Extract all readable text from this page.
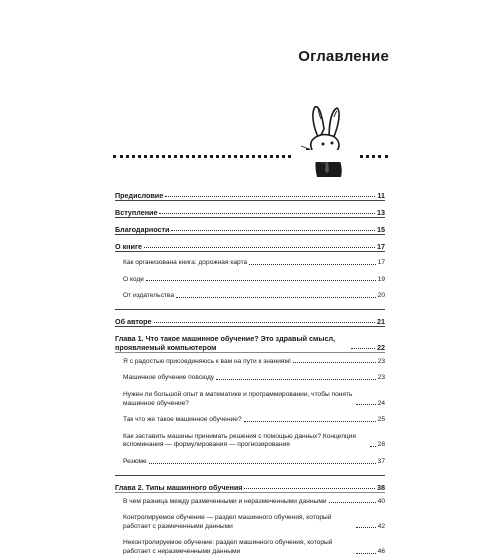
Оглавление
Предисловие	11
Вступление	13
Благодарности	15
О книге	17
Как организована книга: дорожная карта	17
О коде	19
От издательства	20
Об авторе	21
Глава 1. Что такое машинное обучение? Это здравый смысл, проявляемый компьютером	22
Я с радостью присоединяюсь к вам на пути к знаниям!	23
Машинное обучение повсюду	23
Нужен ли большой опыт в математике и программировании, чтобы понять машинное обучение?	24
Так что же такое машинное обучение?	25
Как заставить машины принимать решения с помощью данных? Концепция вспоминания — формулирования — прогнозирования	28
Резюме	37
Глава 2. Типы машинного обучения	38
В чем разница между размеченными и неразмеченными данными	40
Контролируемое обучение — раздел машинного обучения, который работает с размеченными данными	42
Неконтролируемое обучение: раздел машинного обучения, который работает с неразмеченными данными	46
